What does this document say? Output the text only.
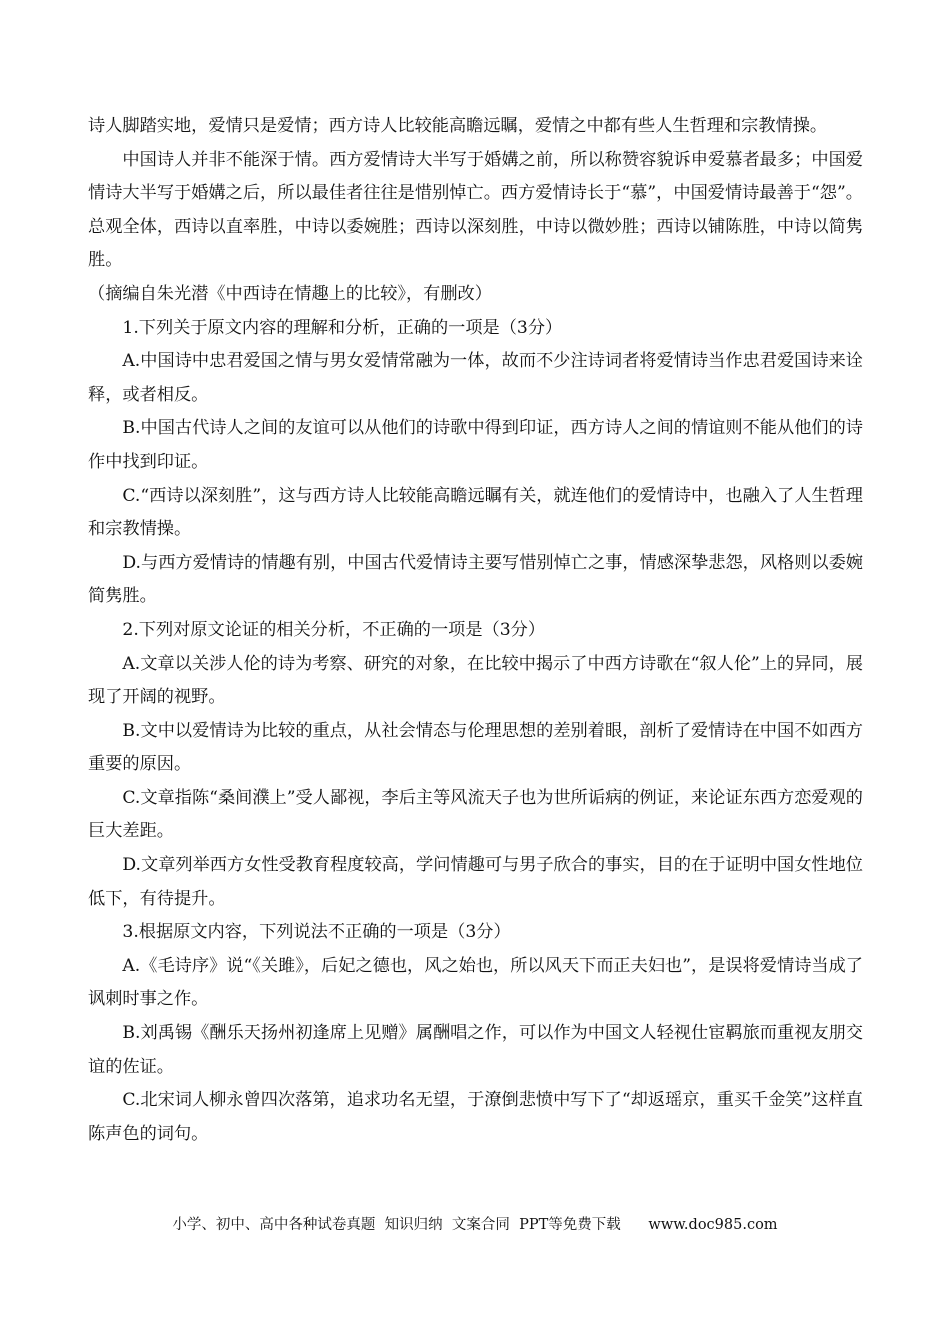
诗人脚踏实地，爱情只是爱情；西方诗人比较能高瞻远瞩，爱情之中都有些人生哲理和宗教情操。

中国诗人并非不能深于情。西方爱情诗大半写于婚媾之前，所以称赞容貌诉申爱慕者最多；中国爱情诗大半写于婚媾之后，所以最佳者往往是惜别悼亡。西方爱情诗长于“慕”，中国爱情诗最善于“怨”。总观全体，西诗以直率胜，中诗以委婉胜；西诗以深刻胜，中诗以微妙胜；西诗以铺陈胜，中诗以简隽胜。

（摘编自朱光潜《中西诗在情趣上的比较》，有删改）

1.下列关于原文内容的理解和分析，正确的一项是（3分）

A.中国诗中忠君爱国之情与男女爱情常融为一体，故而不少注诗词者将爱情诗当作忠君爱国诗来诠释，或者相反。

B.中国古代诗人之间的友谊可以从他们的诗歌中得到印证，西方诗人之间的情谊则不能从他们的诗作中找到印证。

C.“西诗以深刻胜”，这与西方诗人比较能高瞻远瞩有关，就连他们的爱情诗中，也融入了人生哲理和宗教情操。

D.与西方爱情诗的情趣有别，中国古代爱情诗主要写惜别悼亡之事，情感深挚悲怨，风格则以委婉简隽胜。

2.下列对原文论证的相关分析，不正确的一项是（3分）

A.文章以关涉人伦的诗为考察、研究的对象，在比较中揭示了中西方诗歌在“叙人伦”上的异同，展现了开阔的视野。

B.文中以爱情诗为比较的重点，从社会情态与伦理思想的差别着眼，剖析了爱情诗在中国不如西方重要的原因。

C.文章指陈“桑间濮上”受人鄙视，李后主等风流天子也为世所诟病的例证，来论证东西方恋爱观的巨大差距。

D.文章列举西方女性受教育程度较高，学问情趣可与男子欣合的事实，目的在于证明中国女性地位低下，有待提升。

3.根据原文内容，下列说法不正确的一项是（3分）

A.《毛诗序》说“《关雎》，后妃之德也，风之始也，所以风天下而正夫妇也”，是误将爱情诗当成了讽刺时事之作。

B.刘禹锡《酬乐天扬州初逢席上见赠》属酬唱之作，可以作为中国文人轻视仕宦羁旅而重视友朋交谊的佐证。

C.北宋词人柳永曾四次落第，追求功名无望，于潦倒悲愤中写下了“却返瑶京，重买千金笑”这样直陈声色的词句。

小学、初中、高中各种试卷真题  知识归纳  文案合同  PPT等免费下载      www.doc985.com
